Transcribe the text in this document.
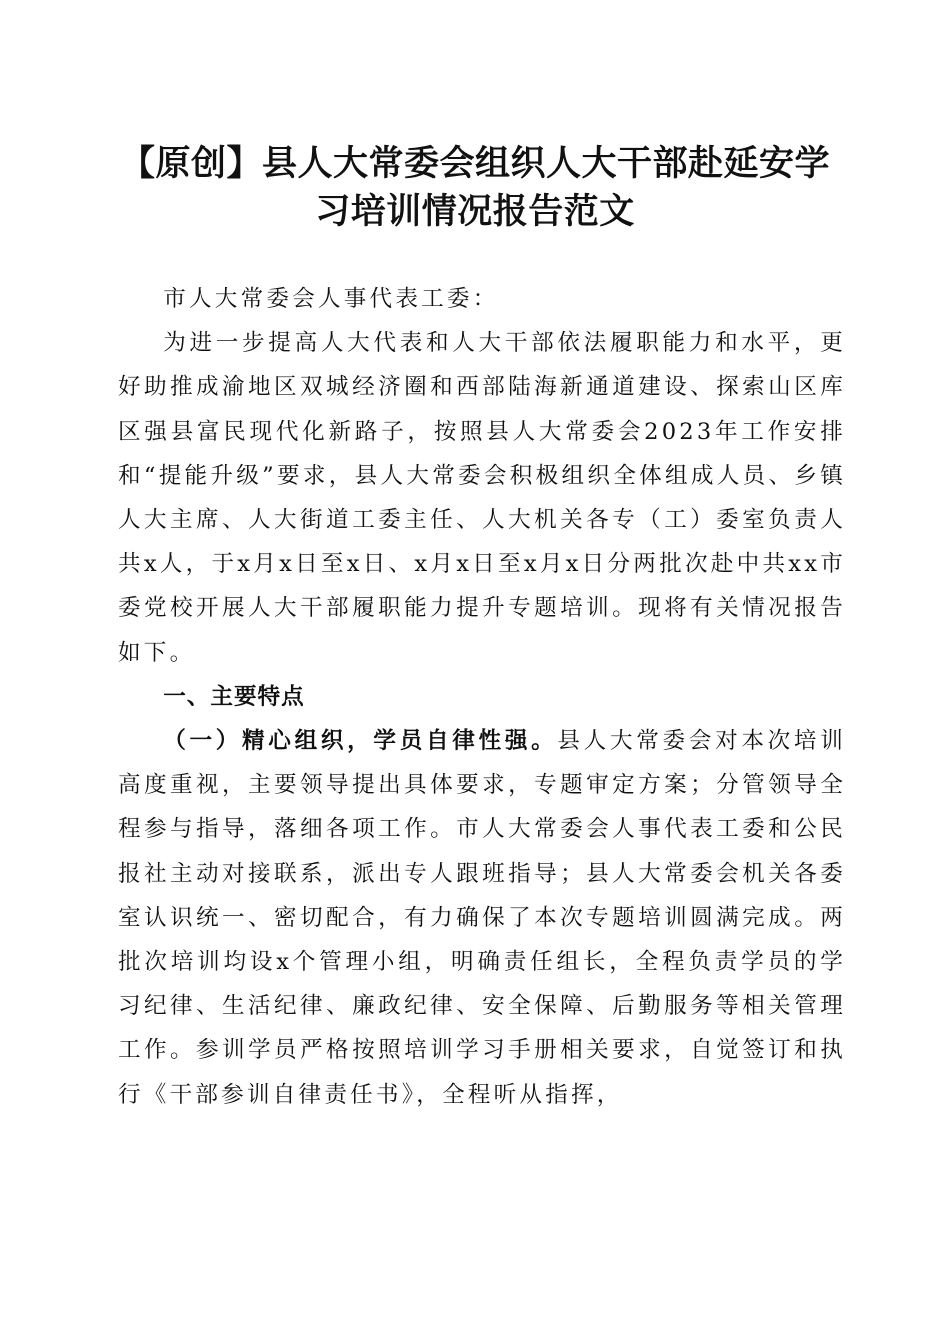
【原创】县人大常委会组织人大干部赴延安学
习培训情况报告范文

市人大常委会人事代表工委：

为进一步提高人大代表和人大干部依法履职能力和水平，更好助推成渝地区双城经济圈和西部陆海新通道建设、探索山区库区强县富民现代化新路子，按照县人大常委会2023年工作安排和“提能升级”要求，县人大常委会积极组织全体组成人员、乡镇人大主席、人大街道工委主任、人大机关各专（工）委室负责人共x人，于x月x日至x日、x月x日至x月x日分两批次赴中共xx市委党校开展人大干部履职能力提升专题培训。现将有关情况报告如下。

一、主要特点

（一）精心组织，学员自律性强。县人大常委会对本次培训高度重视，主要领导提出具体要求，专题审定方案；分管领导全程参与指导，落细各项工作。市人大常委会人事代表工委和公民报社主动对接联系，派出专人跟班指导；县人大常委会机关各委室认识统一、密切配合，有力确保了本次专题培训圆满完成。两批次培训均设x个管理小组，明确责任组长，全程负责学员的学习纪律、生活纪律、廉政纪律、安全保障、后勤服务等相关管理工作。参训学员严格按照培训学习手册相关要求，自觉签订和执行《干部参训自律责任书》，全程听从指挥，
